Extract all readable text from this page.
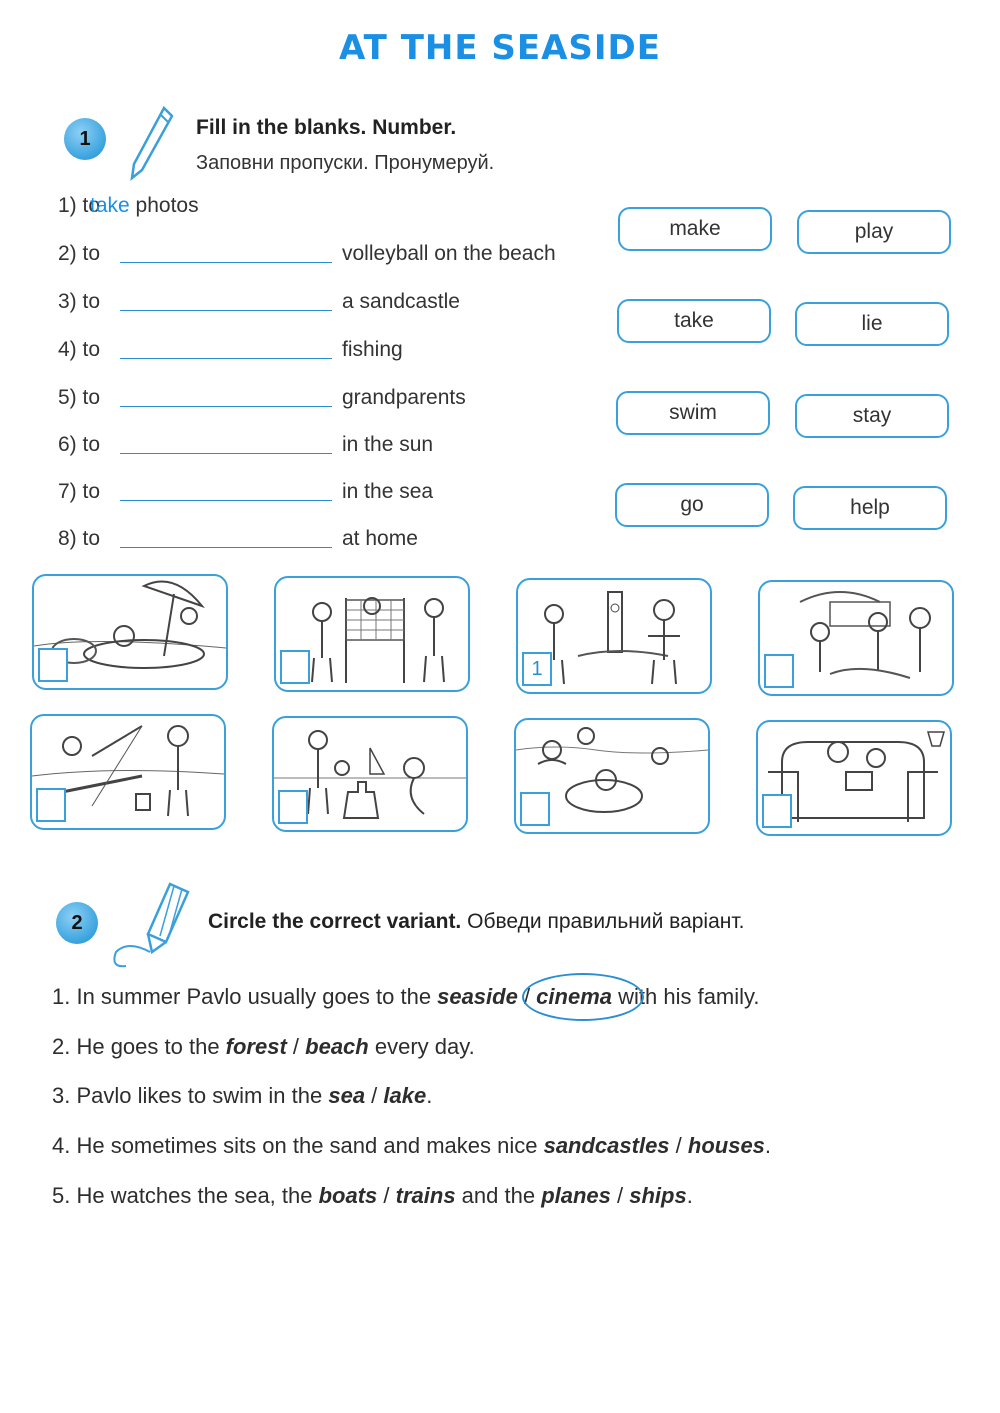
AT THE SEASIDE
1	Fill in the blanks. Number.
Заповни пропуски. Пронумеруй.
1) totake photos
2) to	volleyball on the beach
3) to	a sandcastle
4) to	fishing
5) to	grandparents
6) to	in the sun
7) to	in the sea
8) to	at home
make	play
take	lie
swim	stay
go	help
1
2	Circle the correct variant. Обведи правильний варіант.
1. In summer Pavlo usually goes to the seaside / cinema with his family.
2. He goes to the forest / beach every day.
3. Pavlo likes to swim in the sea / lake.
4. He sometimes sits on the sand and makes nice sandcastles / houses.
5. He watches the sea, the boats / trains and the planes / ships.
